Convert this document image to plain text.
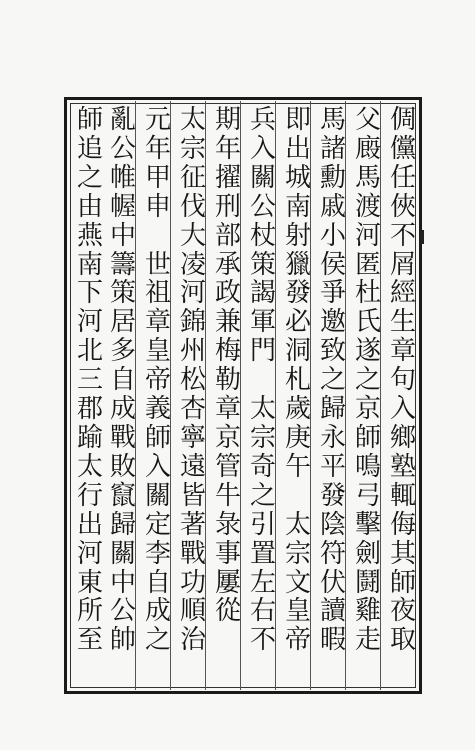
倜
儻
任
俠
不
屑
經
生
章
句
入
鄉
塾
輒
侮
其
師
夜
取
父
廄
馬
渡
河
匿
杜
氏
遂
之
京
師
鳴
弓
擊
劍
鬪
雞
走
馬
諸
勳
戚
小
侯
爭
邀
致
之
歸
永
平
發
陰
符
伏
讀
暇
即
出
城
南
射
獵
發
必
洞
札
歲
庚
午

太
宗
文
皇
帝
兵
入
關
公
杖
策
謁
軍
門

太
宗
奇
之
引
置
左
右
不
期
年
擢
刑
部
承
政
兼
梅
勒
章
京
管
牛
彔
事
屢
從
太
宗
征
伐
大
凌
河
錦
州
松
杏
寧
遠
皆
著
戰
功
順
治
元
年
甲
申

世
祖
章
皇
帝
義
師
入
關
定
李
自
成
之
亂
公
帷
幄
中
籌
策
居
多
自
成
戰
敗
竄
歸
關
中
公
帥
師
追
之
由
燕
南
下
河
北
三
郡
踰
太
行
出
河
東
所
至
